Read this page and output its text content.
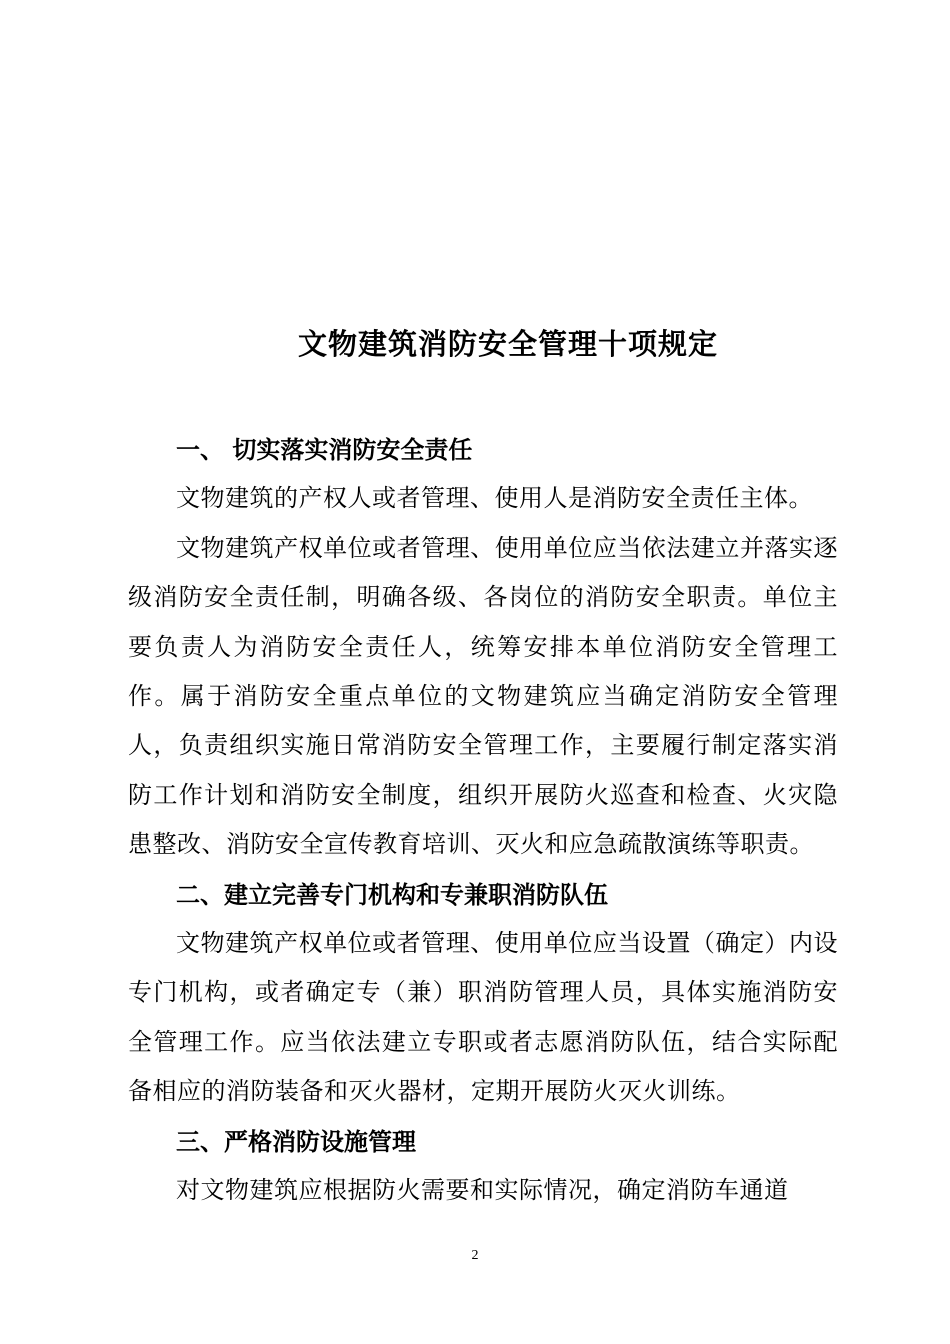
文物建筑消防安全管理十项规定

一、 切实落实消防安全责任

文物建筑的产权人或者管理、使用人是消防安全责任主体。

文物建筑产权单位或者管理、使用单位应当依法建立并落实逐级消防安全责任制，明确各级、各岗位的消防安全职责。单位主要负责人为消防安全责任人，统筹安排本单位消防安全管理工作。属于消防安全重点单位的文物建筑应当确定消防安全管理人，负责组织实施日常消防安全管理工作，主要履行制定落实消防工作计划和消防安全制度，组织开展防火巡查和检查、火灾隐患整改、消防安全宣传教育培训、灭火和应急疏散演练等职责。

二、建立完善专门机构和专兼职消防队伍

文物建筑产权单位或者管理、使用单位应当设置（确定）内设专门机构，或者确定专（兼）职消防管理人员，具体实施消防安全管理工作。应当依法建立专职或者志愿消防队伍，结合实际配备相应的消防装备和灭火器材，定期开展防火灭火训练。

三、严格消防设施管理

对文物建筑应根据防火需要和实际情况，确定消防车通道

2
